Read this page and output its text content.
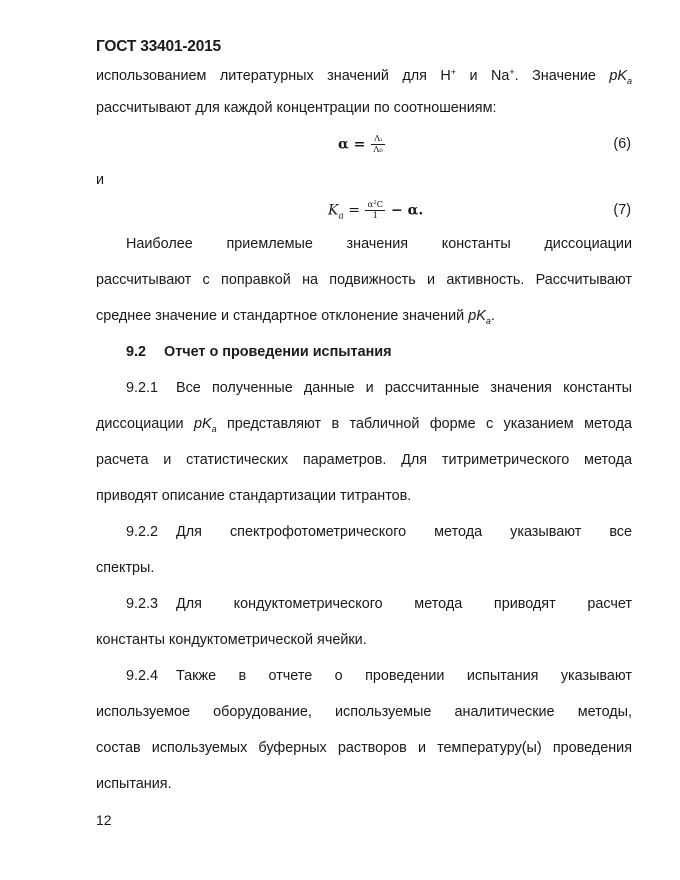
ГОСТ 33401-2015
использованием литературных значений для H+ и Na+. Значение $pK_a$
рассчитывают для каждой концентрации по соотношениям:
$\alpha = \frac{\text{Λᵢ}}{\text{Λ₀}}$	(6)
и
$K_a = \frac{\text{α²C}}{1} - \alpha$.	(7)
Наиболее приемлемые значения константы диссоциации
рассчитывают с поправкой на подвижность и активность. Рассчитывают
среднее значение и стандартное отклонение значений $pK_a$.
9.2 Отчет о проведении испытания
9.2.1 Все полученные данные и рассчитанные значения константы
диссоциации $pK_a$ представляют в табличной форме с указанием метода
расчета и статистических параметров. Для титриметрического метода
приводят описание стандартизации титрантов.
9.2.2 Для спектрофотометрического метода указывают все
спектры.
9.2.3 Для кондуктометрического метода приводят расчет
константы кондуктометрической ячейки.
9.2.4 Также в отчете о проведении испытания указывают
используемое оборудование, используемые аналитические методы,
состав используемых буферных растворов и температуру(ы) проведения
испытания.
12
